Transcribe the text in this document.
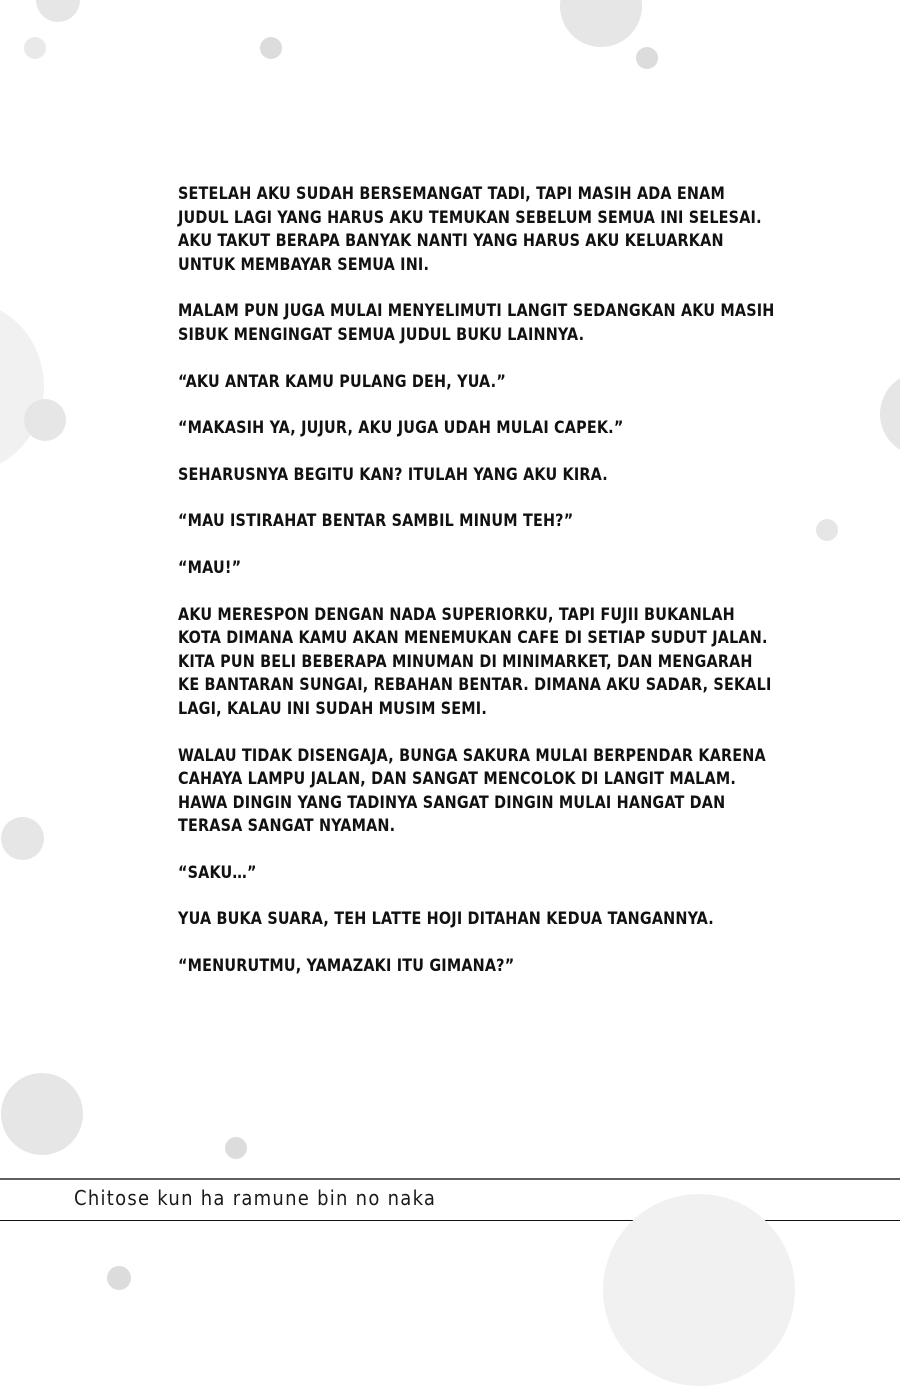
SETELAH AKU SUDAH BERSEMANGAT TADI, TAPI MASIH ADA ENAM JUDUL LAGI YANG HARUS AKU TEMUKAN SEBELUM SEMUA INI SELESAI. AKU TAKUT BERAPA BANYAK NANTI YANG HARUS AKU KELUARKAN UNTUK MEMBAYAR SEMUA INI.

MALAM PUN JUGA MULAI MENYELIMUTI LANGIT SEDANGKAN AKU MASIH SIBUK MENGINGAT SEMUA JUDUL BUKU LAINNYA.

“AKU ANTAR KAMU PULANG DEH, YUA.”

“MAKASIH YA, JUJUR, AKU JUGA UDAH MULAI CAPEK.”

SEHARUSNYA BEGITU KAN? ITULAH YANG AKU KIRA.

“MAU ISTIRAHAT BENTAR SAMBIL MINUM TEH?”

“MAU!”

AKU MERESPON DENGAN NADA SUPERIORKU, TAPI FUJII BUKANLAH KOTA DIMANA KAMU AKAN MENEMUKAN CAFE DI SETIAP SUDUT JALAN. KITA PUN BELI BEBERAPA MINUMAN DI MINIMARKET, DAN MENGARAH KE BANTARAN SUNGAI, REBAHAN BENTAR. DIMANA AKU SADAR, SEKALI LAGI, KALAU INI SUDAH MUSIM SEMI.

WALAU TIDAK DISENGAJA, BUNGA SAKURA MULAI BERPENDAR KARENA CAHAYA LAMPU JALAN, DAN SANGAT MENCOLOK DI LANGIT MALAM. HAWA DINGIN YANG TADINYA SANGAT DINGIN MULAI HANGAT DAN TERASA SANGAT NYAMAN.

“SAKU…”

YUA BUKA SUARA, TEH LATTE HOJI DITAHAN KEDUA TANGANNYA.

“MENURUTMU, YAMAZAKI ITU GIMANA?”

Chitose kun ha ramune bin no naka
